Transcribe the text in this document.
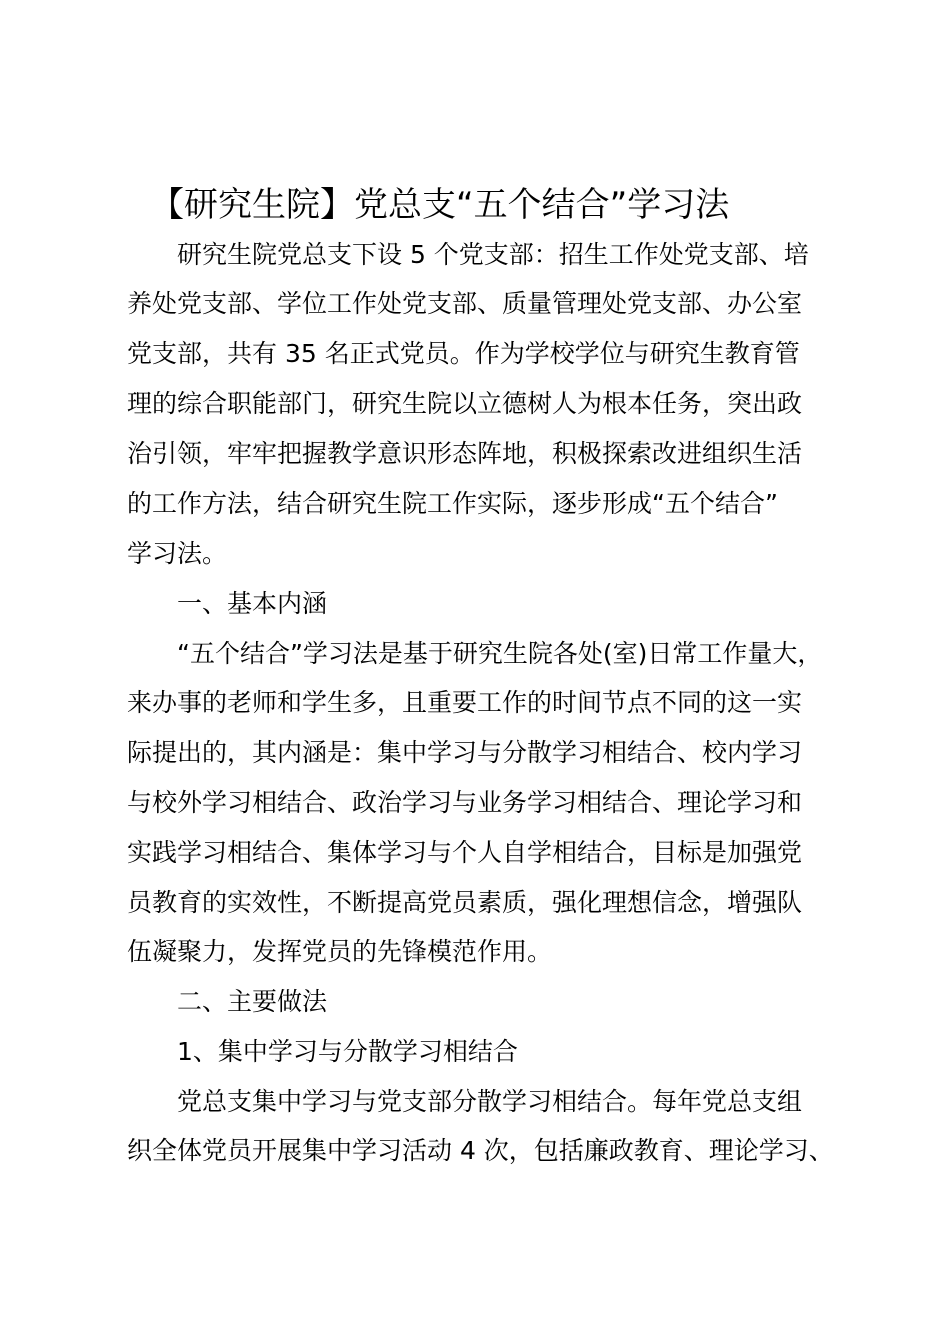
【研究生院】党总支“五个结合”学习法
研究生院党总支下设 5 个党支部：招生工作处党支部、培
养处党支部、学位工作处党支部、质量管理处党支部、办公室
党支部，共有 35 名正式党员。作为学校学位与研究生教育管
理的综合职能部门，研究生院以立德树人为根本任务，突出政
治引领，牢牢把握教学意识形态阵地，积极探索改进组织生活
的工作方法，结合研究生院工作实际，逐步形成“五个结合”
学习法。
一、基本内涵
“五个结合”学习法是基于研究生院各处(室)日常工作量大，
来办事的老师和学生多，且重要工作的时间节点不同的这一实
际提出的，其内涵是：集中学习与分散学习相结合、校内学习
与校外学习相结合、政治学习与业务学习相结合、理论学习和
实践学习相结合、集体学习与个人自学相结合，目标是加强党
员教育的实效性，不断提高党员素质，强化理想信念，增强队
伍凝聚力，发挥党员的先锋模范作用。
二、主要做法
1、集中学习与分散学习相结合
党总支集中学习与党支部分散学习相结合。每年党总支组
织全体党员开展集中学习活动 4 次，包括廉政教育、理论学习、
